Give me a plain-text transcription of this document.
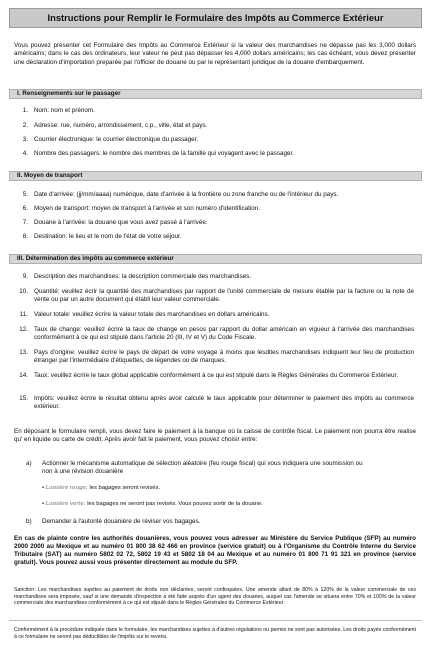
Instructions pour Remplir le Formulaire des Impôts au Commerce Extérieur

Vous pouvez présenter cet Formulaire des Impôts au Commerce Extérieur si la valeur des marchandises ne dépasse pas les 3,000 dollars américains; dans le cas des ordinateurs, leur valeur ne peut pas dépasser les 4,000 dollars américains; les cas échéant, vous devez présenter une déclaration d'importation preparée par l'officier de douane ou par le représentant juridique de la douane d'embarquement.

I. Renseignements sur le passager
1. Nom: nom et prénom.
2. Adresse: rue, numéro, arrondissement, c.p., ville, état et pays.
3. Courrier électronique: le courrier électronique du passager.
4. Nombre des passagers: le nombre des membres de la famille qui voyagent avec le passager.
II. Moyen de transport
5. Date d'arrivée: (jj/mm/aaaa) numérique, date d'arrivée à la frontière ou zone franche ou de l'intérieur du pays.
6. Moyen de transport: moyen de transport à l'arrivée et son numéro d'identification.
7. Douane à l'arrivée: la douane que vous avez passé à l'arrivée.
8. Destination: le lieu et le nom de l'état de votre séjour.
III. Détermination des impôts au commerce extérieur
9. Description des marchandises: la description commerciale des marchandises.
10. Quantité: veuillez écrir la quantité des marchandises par rapport de l'unité commerciale de mesure établie par la facture ou la note de vente ou par un autre document qui établi leur valeur commerciale.
11. Valeur totale: veuillez écrire la valeur totale des marchandises en dollars américains.
12. Taux de change: veuillez écrire la taux de change en pesos par rapport du dollar américain en vigueur à l'arrivée des marchandises conformément à ce qui est stipulé dans l'article 20 (III, IV et V) du Code Fiscale.
13. Pays d'origine: veuillez écrire le pays de départ de votre voyage à moins que lesdites marchandises indiquent leur lieu de production étranger par l'intermédiaire d'étiquettes, de légendes ou de marques.
14. Taux: veuillez écrire le taux global applicable conformément à ce qui est stipulé dans le Règles Générales du Commerce Extérieur.
15. Impôts: veuillez écrire le résultat obtenu après avoir calculé le taux applicable pour déterminer le paiement des impôts au commerce extérieur.

En déposant le formulaire rempli, vous devez faire le paiement à la banque où la caisse de contrôle fiscal. Le paiement non pourra être realise qu' en liquide ou carte de crédit. Après avoir fait le paiement, vous pouvez choisir entre:

a) Actionner le mécanisme automatique de sélection aléatoire (feu rouge fiscal) qui vous indiquera une soumission ou non à une révision douanière
• Lumière rouge: les bagages seront revisés.
• Lumière verte: les bagages ne seront pas revisés. Vous pouvez sortir de la douane.
b) Demander à l'autorité douanière de réviser vos bagages.

En cas de plainte contre les authorités douanières, vous pouvez vous adresser au Ministère du Service Publique (SFP) au numéro 2000 2000 au Mexique et au numéro 01 800 38 62 466 en province (service gratuit) ou à l'Organisme du Contrôle Interne du Service Tributaire (SAT) au numéro 5802 02 72, 5802 19 43 et 5802 18 04 au Mexique et au numéro 01 800 71 91 321 en province (service gratuit). Vous pouvez aussi vous présenter directement au module du SFP.

Sanction: Les marchandises sujettes au paiement de droits non déclarées, seront confisquées. Une amende allant de 80% à 120% de la valeur commerciale de ces marchandises sera imposée, sauf si une demande d'inspection a été faite auprès d'un agent des douanes, auquel cas l'amende se situera entre 70% et 100% de la valeur commerciale des marchandises conformément à ce qui est stipulé dans le Règles Générales du Commerce Extérieur

Conformément à la procédure indiquée dans le formulaire, les marchandises sujettes à d'autres régulations ou permis ne sont pas autorisées. Les droits payés conformément à ce formulaire ne seront pas déductibles de l'impôts sur le revenu.
